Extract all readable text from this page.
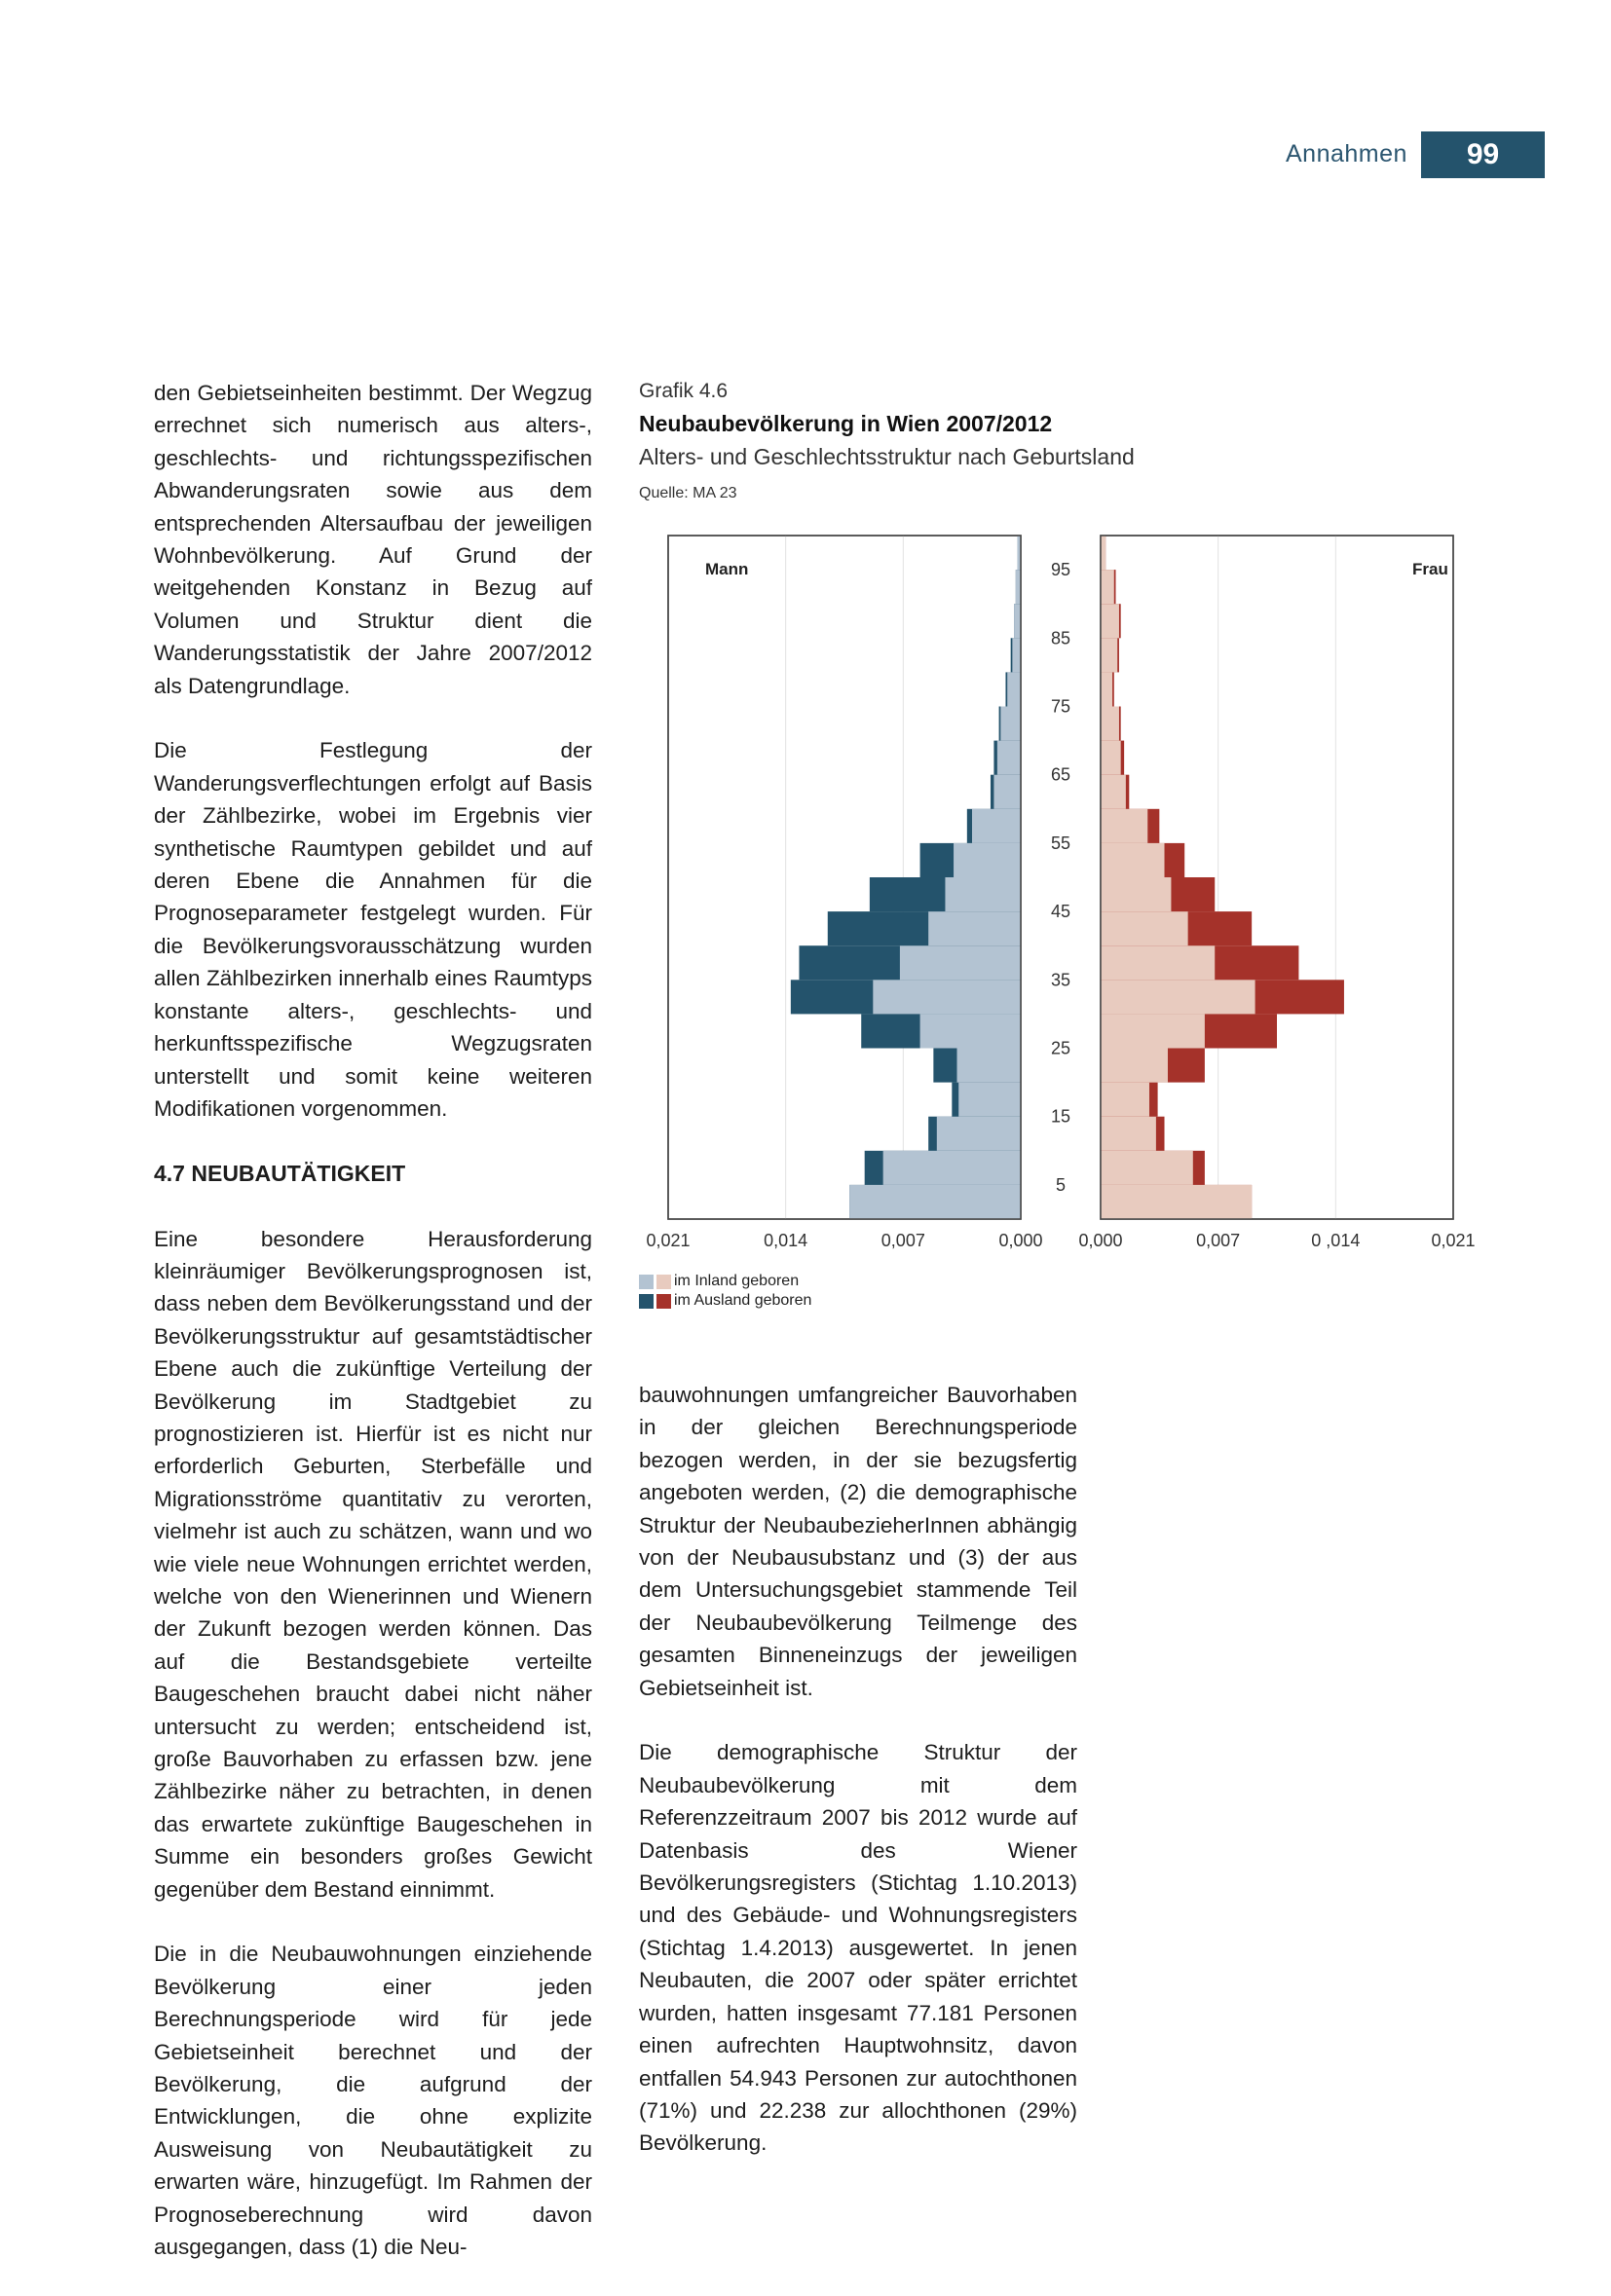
Annahmen	99

den Gebietseinheiten bestimmt. Der Wegzug errechnet sich numerisch aus alters-, geschlechts- und richtungsspezifischen Abwanderungsraten sowie aus dem entsprechenden Altersaufbau der jeweiligen Wohnbevölkerung. Auf Grund der weitgehenden Konstanz in Bezug auf Volumen und Struktur dient die Wanderungsstatistik der Jahre 2007/2012 als Datengrundlage.

Die Festlegung der Wanderungsverflechtungen erfolgt auf Basis der Zählbezirke, wobei im Ergebnis vier synthetische Raumtypen gebildet und auf deren Ebene die Annahmen für die Prognoseparameter festgelegt wurden. Für die Bevölkerungsvorausschätzung wurden allen Zählbezirken innerhalb eines Raumtyps konstante alters-, geschlechts- und herkunftsspezifische Wegzugsraten unterstellt und somit keine weiteren Modifikationen vorgenommen.

4.7 NEUBAUTÄTIGKEIT

Eine besondere Herausforderung kleinräumiger Bevölkerungsprognosen ist, dass neben dem Bevölkerungsstand und der Bevölkerungsstruktur auf gesamtstädtischer Ebene auch die zukünftige Verteilung der Bevölkerung im Stadtgebiet zu prognostizieren ist. Hierfür ist es nicht nur erforderlich Geburten, Sterbefälle und Migrationsströme quantitativ zu verorten, vielmehr ist auch zu schätzen, wann und wo wie viele neue Wohnungen errichtet werden, welche von den Wienerinnen und Wienern der Zukunft bezogen werden können. Das auf die Bestandsgebiete verteilte Baugeschehen braucht dabei nicht näher untersucht zu werden; entscheidend ist, große Bauvorhaben zu erfassen bzw. jene Zählbezirke näher zu betrachten, in denen das erwartete zukünftige Baugeschehen in Summe ein besonders großes Gewicht gegenüber dem Bestand einnimmt.

Die in die Neubauwohnungen einziehende Bevölkerung einer jeden Berechnungsperiode wird für jede Gebietseinheit berechnet und der Bevölkerung, die aufgrund der Entwicklungen, die ohne explizite Ausweisung von Neubautätigkeit zu erwarten wäre, hinzugefügt. Im Rahmen der Prognoseberechnung wird davon ausgegangen, dass (1) die Neu-

Grafik 4.6
Neubaubevölkerung in Wien 2007/2012
Alters- und Geschlechtsstruktur nach Geburtsland
Quelle: MA 23
Mann	Frau
95
85
75
65
55
45
35
25
15
5
0,021	0,014	0,007	0,000 0,000	0,007	0 ,014	0,021
im Inland geboren
im Ausland geboren

bauwohnungen umfangreicher Bauvorhaben in der gleichen Berechnungsperiode bezogen werden, in der sie bezugsfertig angeboten werden, (2) die demographische Struktur der NeubaubezieherInnen abhängig von der Neubausubstanz und (3) der aus dem Untersuchungsgebiet stammende Teil der Neubaubevölkerung Teilmenge des gesamten Binneneinzugs der jeweiligen Gebietseinheit ist.

Die demographische Struktur der Neubaubevölkerung mit dem Referenzzeitraum 2007 bis 2012 wurde auf Datenbasis des Wiener Bevölkerungsregisters (Stichtag 1.10.2013) und des Gebäude- und Wohnungsregisters (Stichtag 1.4.2013) ausgewertet. In jenen Neubauten, die 2007 oder später errichtet wurden, hatten insgesamt 77.181 Personen einen aufrechten Hauptwohnsitz, davon entfallen 54.943 Personen zur autochthonen (71%) und 22.238 zur allochthonen (29%) Bevölkerung.
